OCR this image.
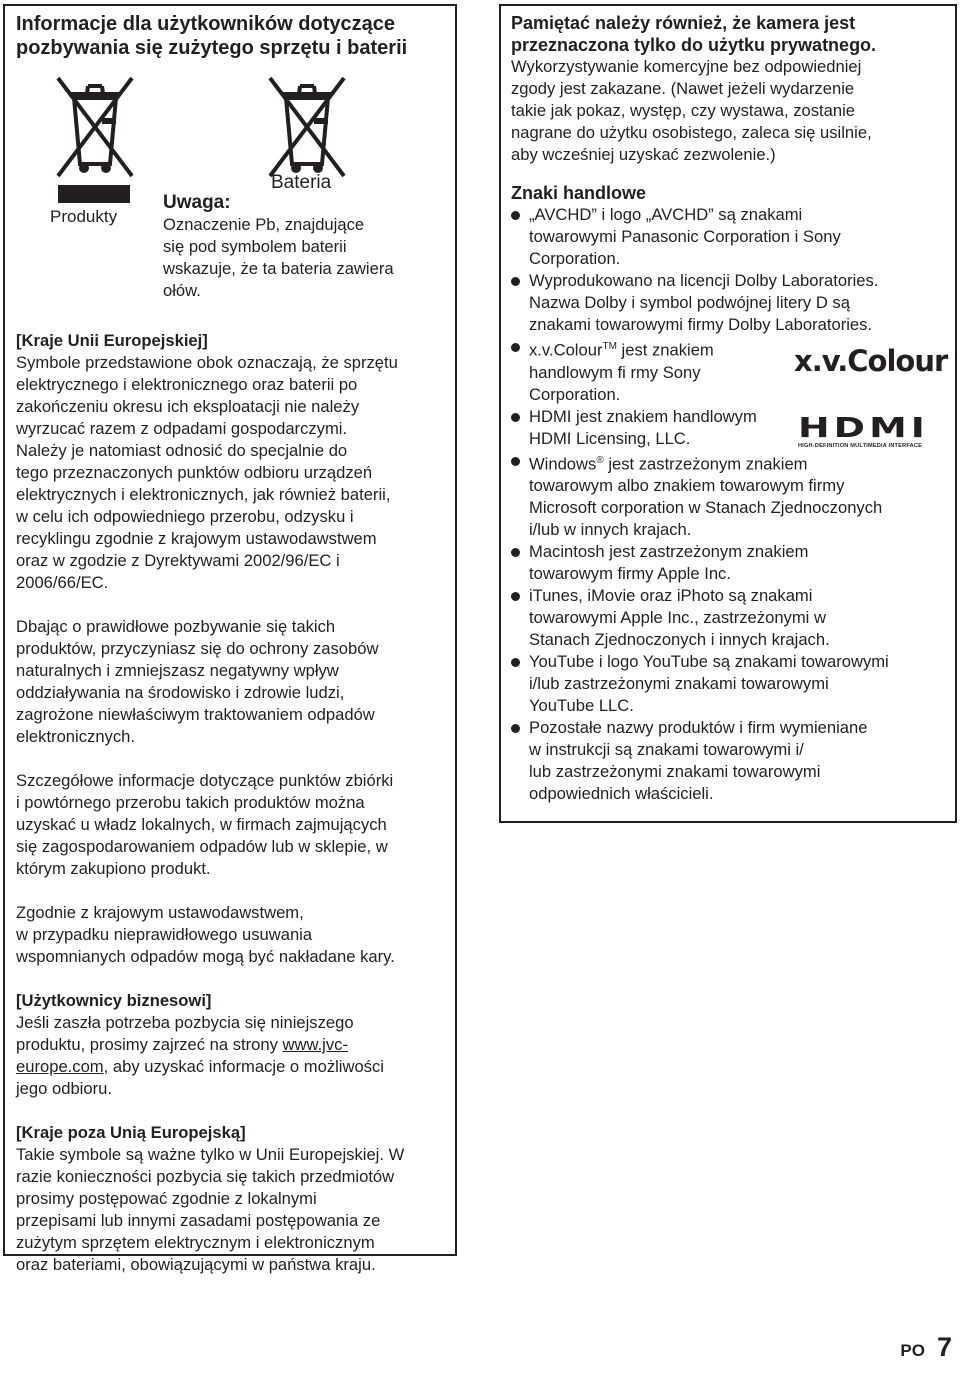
Informacje dla użytkowników dotyczące pozbywania się zużytego sprzętu i baterii

Produkty
Bateria
Uwaga:
Oznaczenie Pb, znajdujące
się pod symbolem baterii
wskazuje, że ta bateria zawiera
ołów.

[Kraje Unii Europejskiej]

Symbole przedstawione obok oznaczają, że sprzętu

elektrycznego i elektronicznego oraz baterii po

zakończeniu okresu ich eksploatacji nie należy

wyrzucać razem z odpadami gospodarczymi.

Należy je natomiast odnosić do specjalnie do

tego przeznaczonych punktów odbioru urządzeń

elektrycznych i elektronicznych, jak również baterii,

w celu ich odpowiedniego przerobu, odzysku i

recyklingu zgodnie z krajowym ustawodawstwem

oraz w zgodzie z Dyrektywami 2002/96/EC i

2006/66/EC.

Dbając o prawidłowe pozbywanie się takich

produktów, przyczyniasz się do ochrony zasobów

naturalnych i zmniejszasz negatywny wpływ

oddziaływania na środowisko i zdrowie ludzi,

zagrożone niewłaściwym traktowaniem odpadów

elektronicznych.

Szczegółowe informacje dotyczące punktów zbiórki

i powtórnego przerobu takich produktów można

uzyskać u władz lokalnych, w firmach zajmujących

się zagospodarowaniem odpadów lub w sklepie, w

którym zakupiono produkt.

Zgodnie z krajowym ustawodawstwem,

w przypadku nieprawidłowego usuwania

wspomnianych odpadów mogą być nakładane kary.

[Użytkownicy biznesowi]

Jeśli zaszła potrzeba pozbycia się niniejszego

produktu, prosimy zajrzeć na strony www.jvc-

europe.com, aby uzyskać informacje o możliwości

jego odbioru.

[Kraje poza Unią Europejską]

Takie symbole są ważne tylko w Unii Europejskiej. W

razie konieczności pozbycia się takich przedmiotów

prosimy postępować zgodnie z lokalnymi

przepisami lub innymi zasadami postępowania ze

zużytym sprzętem elektrycznym i elektronicznym

oraz bateriami, obowiązującymi w państwa kraju.

Pamiętać należy również, że kamera jest

przeznaczona tylko do użytku prywatnego.

Wykorzystywanie komercyjne bez odpowiedniej

zgody jest zakazane. (Nawet jeżeli wydarzenie

takie jak pokaz, występ, czy wystawa, zostanie

nagrane do użytku osobistego, zaleca się usilnie,

aby wcześniej uzyskać zezwolenie.)

Znaki handlowe

„AVCHD” i logo „AVCHD” są znakami
towarowymi Panasonic Corporation i Sony
Corporation.
Wyprodukowano na licencji Dolby Laboratories.
Nazwa Dolby i symbol podwójnej litery D są
znakami towarowymi firmy Dolby Laboratories.
x.v.Colour™ jest znakiem
handlowym fi rmy Sony
Corporation.
HDMI jest znakiem handlowym
HDMI Licensing, LLC.
Windows® jest zastrzeżonym znakiem
towarowym albo znakiem towarowym firmy
Microsoft corporation w Stanach Zjednoczonych
i/lub w innych krajach.
Macintosh jest zastrzeżonym znakiem
towarowym firmy Apple Inc.
iTunes, iMovie oraz iPhoto są znakami
towarowymi Apple Inc., zastrzeżonymi w
Stanach Zjednoczonych i innych krajach.
YouTube i logo YouTube są znakami towarowymi
i/lub zastrzeżonymi znakami towarowymi
YouTube LLC.
Pozostałe nazwy produktów i firm wymieniane
w instrukcji są znakami towarowymi i/
lub zastrzeżonymi znakami towarowymi
odpowiednich właścicieli.
x.v.Colour
HDMI
HIGH-DEFINITION MULTIMEDIA INTERFACE
PO 7
